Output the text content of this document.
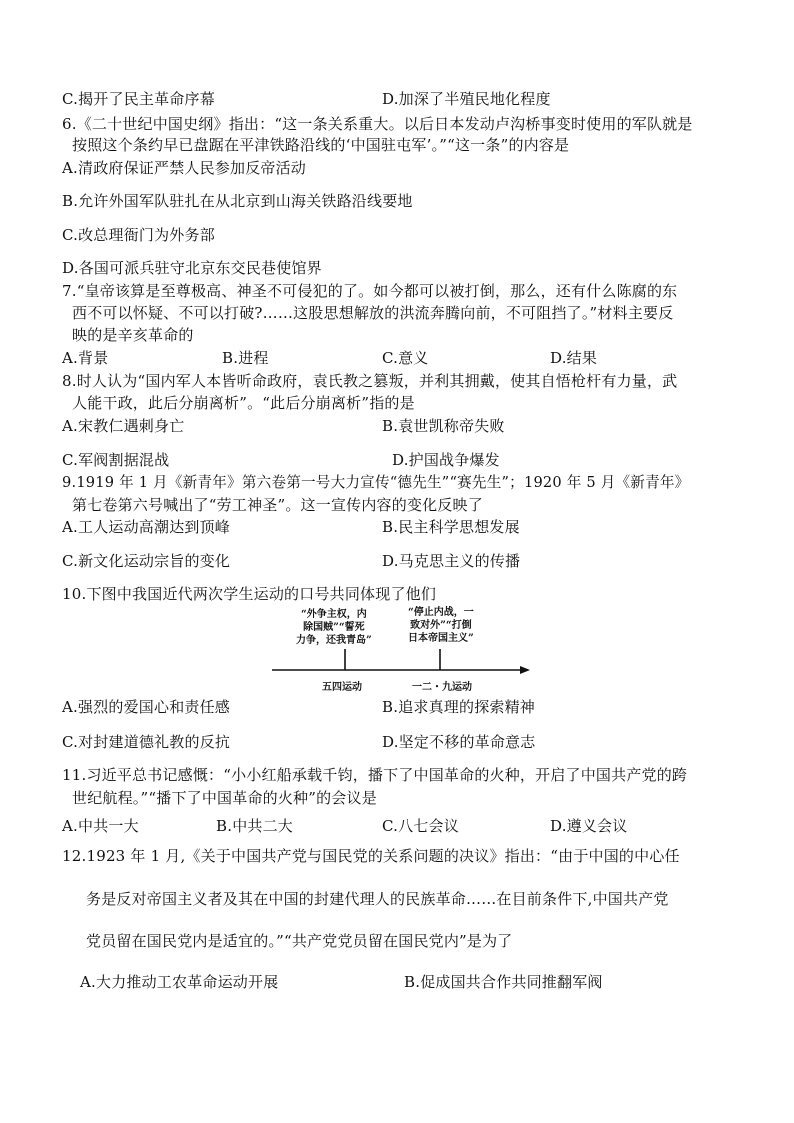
C.揭开了民主革命序幕	D.加深了半殖民地化程度
6.《二十世纪中国史纲》指出：“这一条关系重大。以后日本发动卢沟桥事变时使用的军队就是
按照这个条约早已盘踞在平津铁路沿线的‘中国驻屯军’。”“这一条”的内容是
A.清政府保证严禁人民参加反帝活动
B.允许外国军队驻扎在从北京到山海关铁路沿线要地
C.改总理衙门为外务部
D.各国可派兵驻守北京东交民巷使馆界
7.“皇帝该算是至尊极高、神圣不可侵犯的了。如今都可以被打倒，那么，还有什么陈腐的东
西不可以怀疑、不可以打破?……这股思想解放的洪流奔腾向前，不可阻挡了。”材料主要反
映的是辛亥革命的
A.背景	B.进程	C.意义	D.结果
8.时人认为“国内军人本皆听命政府，袁氏教之篡叛，并利其拥戴，使其自悟枪杆有力量，武
人能干政，此后分崩离析”。“此后分崩离析”指的是
A.宋教仁遇刺身亡	B.袁世凯称帝失败
C.军阀割据混战	D.护国战争爆发
9.1919 年 1 月《新青年》第六卷第一号大力宣传“德先生”“赛先生”；1920 年 5 月《新青年》
第七卷第六号喊出了“劳工神圣”。这一宣传内容的变化反映了
A.工人运动高潮达到顶峰	B.民主科学思想发展
C.新文化运动宗旨的变化	D.马克思主义的传播
10.下图中我国近代两次学生运动的口号共同体现了他们
“外争主权，内
除国贼”“誓死
力争，还我青岛”
“停止内战，一
致对外”“打倒
日本帝国主义”
五四运动	一二・九运动
A.强烈的爱国心和责任感	B.追求真理的探索精神
C.对封建道德礼教的反抗	D.坚定不移的革命意志
11.习近平总书记感慨：“小小红船承载千钧，播下了中国革命的火种，开启了中国共产党的跨
世纪航程。”“播下了中国革命的火种”的会议是
A.中共一大	B.中共二大	C.八七会议	D.遵义会议
12.1923 年 1 月,《关于中国共产党与国民党的关系问题的决议》指出：“由于中国的中心任
务是反对帝国主义者及其在中国的封建代理人的民族革命……在目前条件下,中国共产党
党员留在国民党内是适宜的。”“共产党党员留在国民党内”是为了
A.大力推动工农革命运动开展	B.促成国共合作共同推翻军阀
